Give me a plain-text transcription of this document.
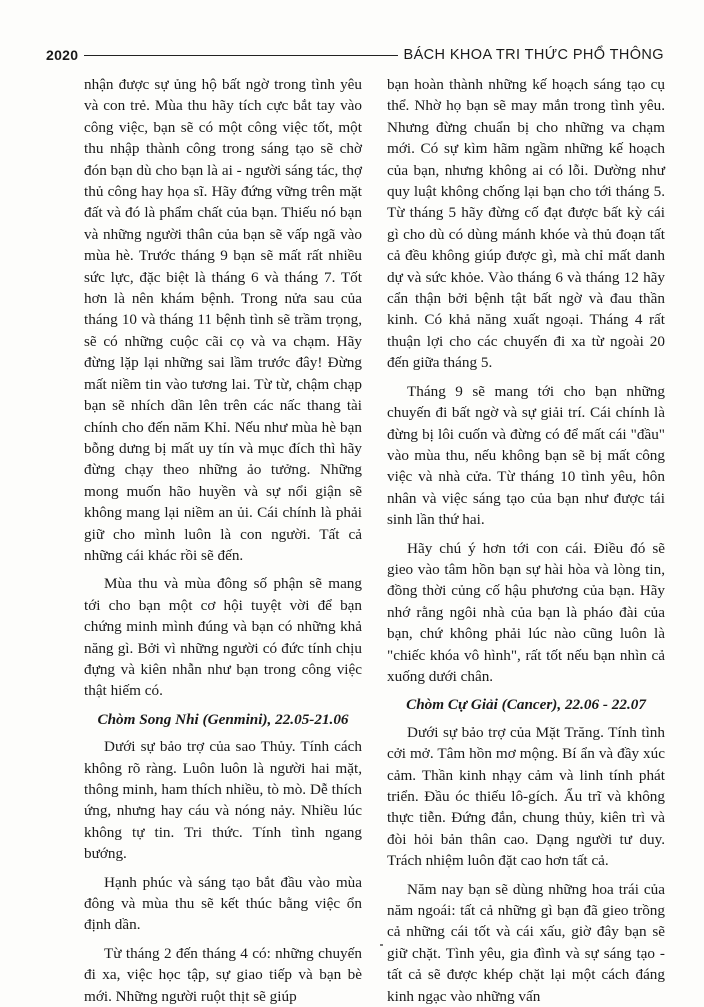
2020	BÁCH KHOA TRI THỨC PHỔ THÔNG

nhận được sự ủng hộ bất ngờ trong tình yêu và con trẻ. Mùa thu hãy tích cực bắt tay vào công việc, bạn sẽ có một công việc tốt, một thu nhập thành công trong sáng tạo sẽ chờ đón bạn dù cho bạn là ai - người sáng tác, thợ thủ công hay họa sĩ. Hãy đứng vững trên mặt đất và đó là phẩm chất của bạn. Thiếu nó bạn và những người thân của bạn sẽ vấp ngã vào mùa hè. Trước tháng 9 bạn sẽ mất rất nhiều sức lực, đặc biệt là tháng 6 và tháng 7. Tốt hơn là nên khám bệnh. Trong nửa sau của tháng 10 và tháng 11 bệnh tình sẽ trầm trọng, sẽ có những cuộc cãi cọ và va chạm. Hãy đừng lặp lại những sai lầm trước đây! Đừng mất niềm tin vào tương lai. Từ từ, chậm chạp bạn sẽ nhích dần lên trên các nấc thang tài chính cho đến năm Khỉ. Nếu như mùa hè bạn bỗng dưng bị mất uy tín và mục đích thì hãy đừng chạy theo những ảo tưởng. Những mong muốn hão huyền và sự nổi giận sẽ không mang lại niềm an ủi. Cái chính là phải giữ cho mình luôn là con người. Tất cả những cái khác rồi sẽ đến.

Mùa thu và mùa đông số phận sẽ mang tới cho bạn một cơ hội tuyệt vời để bạn chứng minh mình đúng và bạn có những khả năng gì. Bởi vì những người có đức tính chịu đựng và kiên nhẫn như bạn trong công việc thật hiếm có.

Chòm Song Nhi (Genmini), 22.05-21.06

Dưới sự bảo trợ của sao Thủy. Tính cách không rõ ràng. Luôn luôn là người hai mặt, thông minh, ham thích nhiều, tò mò. Dễ thích ứng, nhưng hay cáu và nóng nảy. Nhiều lúc không tự tin. Tri thức. Tính tình ngang bướng.

Hạnh phúc và sáng tạo bắt đầu vào mùa đông và mùa thu sẽ kết thúc bằng việc ổn định dần.

Từ tháng 2 đến tháng 4 có: những chuyến đi xa, việc học tập, sự giao tiếp và bạn bè mới. Những người ruột thịt sẽ giúp

bạn hoàn thành những kế hoạch sáng tạo cụ thể. Nhờ họ bạn sẽ may mắn trong tình yêu. Nhưng đừng chuẩn bị cho những va chạm mới. Có sự kìm hãm ngầm những kế hoạch của bạn, nhưng không ai có lỗi. Dường như quy luật không chống lại bạn cho tới tháng 5. Từ tháng 5 hãy đừng cố đạt được bất kỳ cái gì cho dù có dùng mánh khóe và thủ đoạn tất cả đều không giúp được gì, mà chỉ mất danh dự và sức khỏe. Vào tháng 6 và tháng 12 hãy cẩn thận bởi bệnh tật bất ngờ và đau thần kinh. Có khả năng xuất ngoại. Tháng 4 rất thuận lợi cho các chuyến đi xa từ ngoài 20 đến giữa tháng 5.

Tháng 9 sẽ mang tới cho bạn những chuyến đi bất ngờ và sự giải trí. Cái chính là đừng bị lôi cuốn và đừng có để mất cái "đầu" vào mùa thu, nếu không bạn sẽ bị mất công việc và nhà cửa. Từ tháng 10 tình yêu, hôn nhân và việc sáng tạo của bạn như được tái sinh lần thứ hai.

Hãy chú ý hơn tới con cái. Điều đó sẽ gieo vào tâm hồn bạn sự hài hòa và lòng tin, đồng thời củng cố hậu phương của bạn. Hãy nhớ rằng ngôi nhà của bạn là pháo đài của bạn, chứ không phải lúc nào cũng luôn là "chiếc khóa vô hình", rất tốt nếu bạn nhìn cả xuống dưới chân.

Chòm Cự Giải (Cancer), 22.06 - 22.07

Dưới sự bảo trợ của Mặt Trăng. Tính tình cởi mở. Tâm hồn mơ mộng. Bí ẩn và đầy xúc cảm. Thần kinh nhạy cảm và linh tính phát triển. Đầu óc thiếu lô-gích. Ẩu trĩ và không thực tiễn. Đứng đắn, chung thủy, kiên trì và đòi hỏi bản thân cao. Dạng người tư duy. Trách nhiệm luôn đặt cao hơn tất cả.

Năm nay bạn sẽ dùng những hoa trái của năm ngoái: tất cả những gì bạn đã gieo trồng cả những cái tốt và cái xấu, giờ đây bạn sẽ giữ chặt. Tình yêu, gia đình và sự sáng tạo - tất cả sẽ được khép chặt lại một cách đáng kinh ngạc vào những vấn
